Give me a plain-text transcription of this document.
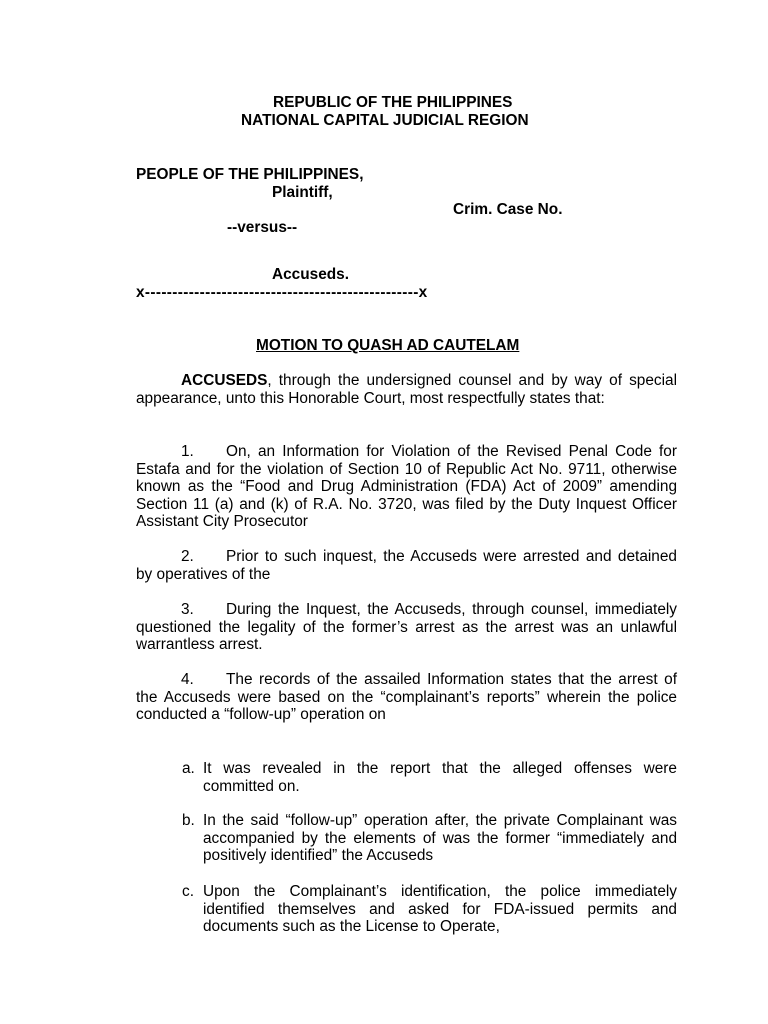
REPUBLIC OF THE PHILIPPINES
NATIONAL CAPITAL JUDICIAL REGION
PEOPLE OF THE PHILIPPINES,
Plaintiff,
Crim. Case No.
--versus--
Accuseds.
x--------------------------------------------------x
MOTION TO QUASH AD CAUTELAM
ACCUSEDS, through the undersigned counsel and by way of special appearance, unto this Honorable Court, most respectfully states that:
1. On, an Information for Violation of the Revised Penal Code for Estafa and for the violation of Section 10 of Republic Act No. 9711, otherwise known as the “Food and Drug Administration (FDA) Act of 2009” amending Section 11 (a) and (k) of R.A. No. 3720, was filed by the Duty Inquest Officer Assistant City Prosecutor
2. Prior to such inquest, the Accuseds were arrested and detained by operatives of the
3. During the Inquest, the Accuseds, through counsel, immediately questioned the legality of the former’s arrest as the arrest was an unlawful warrantless arrest.
4. The records of the assailed Information states that the arrest of the Accuseds were based on the “complainant’s reports” wherein the police conducted a “follow-up” operation on
a. It was revealed in the report that the alleged offenses were committed on.
b. In the said “follow-up” operation after, the private Complainant was accompanied by the elements of was the former “immediately and positively identified” the Accuseds
c. Upon the Complainant’s identification, the police immediately identified themselves and asked for FDA-issued permits and documents such as the License to Operate,
